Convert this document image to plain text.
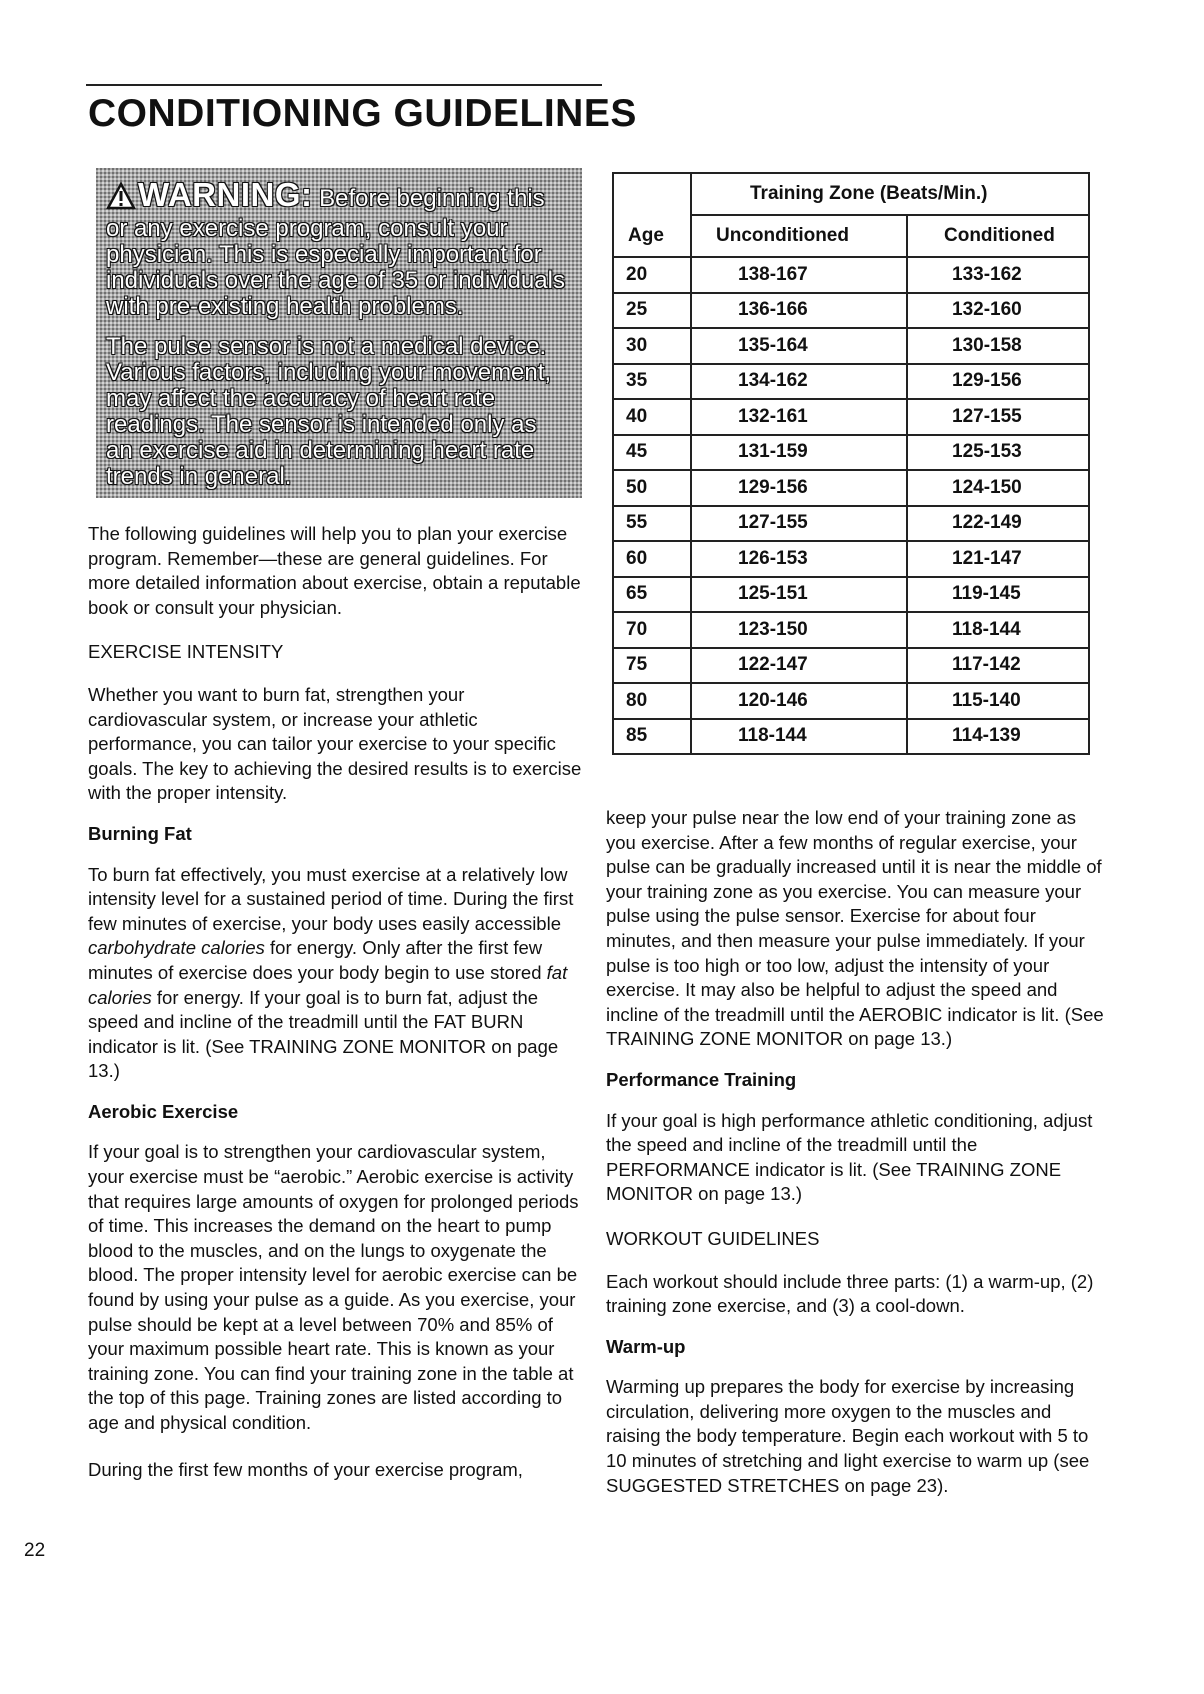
CONDITIONING GUIDELINES

WARNING: Before beginning this or any exercise program, consult your physician. This is especially important for individuals over the age of 35 or individuals with pre-existing health problems.

The pulse sensor is not a medical device. Various factors, including your movement, may affect the accuracy of heart rate readings. The sensor is intended only as an exercise aid in determining heart rate trends in general.

	Training Zone (Beats/Min.)	
Age	Unconditioned	Conditioned
20	138-167	133-162
25	136-166	132-160
30	135-164	130-158
35	134-162	129-156
40	132-161	127-155
45	131-159	125-153
50	129-156	124-150
55	127-155	122-149
60	126-153	121-147
65	125-151	119-145
70	123-150	118-144
75	122-147	117-142
80	120-146	115-140
85	118-144	114-139

The following guidelines will help you to plan your exercise program. Remember—these are general guidelines. For more detailed information about exercise, obtain a reputable book or consult your physician.

EXERCISE INTENSITY

Whether you want to burn fat, strengthen your cardiovascular system, or increase your athletic performance, you can tailor your exercise to your specific goals. The key to achieving the desired results is to exercise with the proper intensity.

Burning Fat

To burn fat effectively, you must exercise at a relatively low intensity level for a sustained period of time. During the first few minutes of exercise, your body uses easily accessible carbohydrate calories for energy. Only after the first few minutes of exercise does your body begin to use stored fat calories for energy. If your goal is to burn fat, adjust the speed and incline of the treadmill until the FAT BURN indicator is lit. (See TRAINING ZONE MONITOR on page 13.)

Aerobic Exercise

If your goal is to strengthen your cardiovascular system, your exercise must be “aerobic.” Aerobic exercise is activity that requires large amounts of oxygen for prolonged periods of time. This increases the demand on the heart to pump blood to the muscles, and on the lungs to oxygenate the blood. The proper intensity level for aerobic exercise can be found by using your pulse as a guide. As you exercise, your pulse should be kept at a level between 70% and 85% of your maximum possible heart rate. This is known as your training zone. You can find your training zone in the table at the top of this page. Training zones are listed according to age and physical condition.

During the first few months of your exercise program,

keep your pulse near the low end of your training zone as you exercise. After a few months of regular exercise, your pulse can be gradually increased until it is near the middle of your training zone as you exercise. You can measure your pulse using the pulse sensor. Exercise for about four minutes, and then measure your pulse immediately. If your pulse is too high or too low, adjust the intensity of your exercise. It may also be helpful to adjust the speed and incline of the treadmill until the AEROBIC indicator is lit. (See TRAINING ZONE MONITOR on page 13.)

Performance Training

If your goal is high performance athletic conditioning, adjust the speed and incline of the treadmill until the PERFORMANCE indicator is lit. (See TRAINING ZONE MONITOR on page 13.)

WORKOUT GUIDELINES

Each workout should include three parts: (1) a warm-up, (2) training zone exercise, and (3) a cool-down.

Warm-up

Warming up prepares the body for exercise by increasing circulation, delivering more oxygen to the muscles and raising the body temperature. Begin each workout with 5 to 10 minutes of stretching and light exercise to warm up (see SUGGESTED STRETCHES on page 23).

22
